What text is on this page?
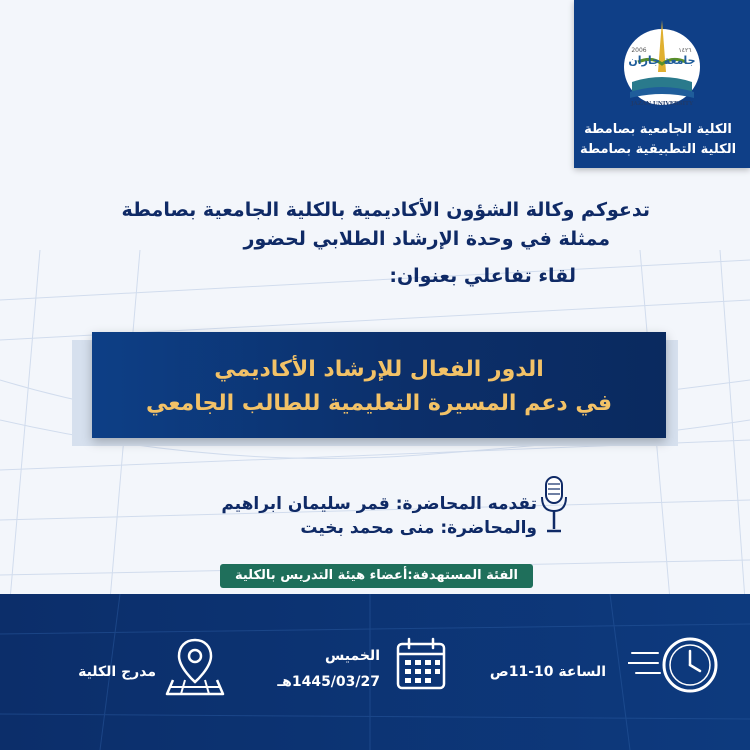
جامعة جازان
2006	١٤٢٦
JAZAN UNIVERSITY
الكلية الجامعية بصامطة
الكلية التطبيقية بصامطة
تدعوكم وكالة الشؤون الأكاديمية بالكلية الجامعية بصامطة
ممثلة في وحدة الإرشاد الطلابي لحضور
لقاء تفاعلي بعنوان:
الدور الفعال للإرشاد الأكاديمي
في دعم المسيرة التعليمية للطالب الجامعي
تقدمه المحاضرة: قمر سليمان ابراهيم
والمحاضرة: منى محمد بخيت
الفئة المستهدفة:أعضاء هيئة التدريس بالكلية
الساعة 10-11ص
الخميس
1445/03/27هـ
مدرج الكلية
